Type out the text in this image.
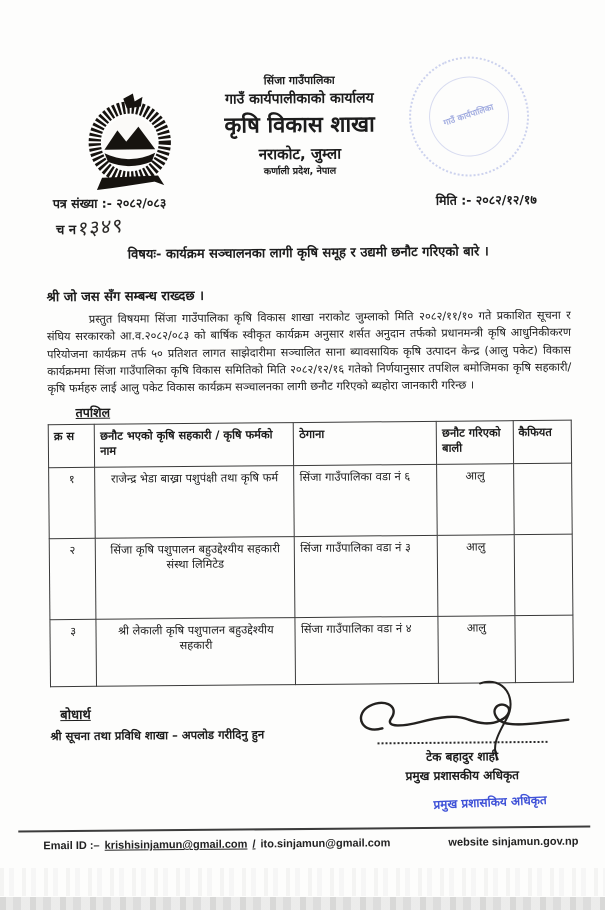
सिंजा गाउँपालिका
गाउँ कार्यपालीकाको कार्यालय
कृषि विकास शाखा
नराकोट, जुम्ला
कर्णाली प्रदेश, नेपाल
गाउँ कार्यपालिका
पत्र संख्या :- २०८२/०८३
च न१३४९
मिति :- २०८२/१२/१७
विषयः- कार्यक्रम सञ्चालनका लागी कृषि समूह र उद्यमी छनौट गरिएको बारे ।
श्री जो जस सँग सम्बन्ध राख्दछ ।

प्रस्तुत विषयमा सिंजा गाउँपालिका कृषि विकास शाखा नराकोट जुम्लाको मिति २०८२/११/१० गते प्रकाशित सूचना र संघिय सरकारको आ.व.२०८२/०८३ को बार्षिक स्वीकृत कार्यक्रम अनुसार शर्सत अनुदान तर्फको प्रधानमन्त्री कृषि आधुनिकीकरण परियोजना कार्यक्रम तर्फ ५० प्रतिशत लागत साझेदारीमा सञ्चालित साना ब्यावसायिक कृषि उत्पादन केन्द्र (आलु पकेट) विकास कार्यक्रममा सिंजा गाउँपालिका कृषि विकास समितिको मिति २०८२/१२/१६ गतेको निर्णयानुसार तपशिल बमोजिमका कृषि सहकारी/ कृषि फर्महरु लाई आलु पकेट विकास कार्यक्रम सञ्चालनका लागी छनौट गरिएको ब्यहोरा जानकारी गरिन्छ ।

तपशिल
क्र स	छनौट भएको कृषि सहकारी / कृषि फर्मको नाम	ठेगाना	छनौट गरिएको बाली	कैफियत
१	राजेन्द्र भेडा बाख्रा पशुपंक्षी तथा कृषि फर्म	सिंजा गाउँपालिका वडा नं ६	आलु	
२	सिंजा कृषि पशुपालन बहुउद्देश्यीय सहकारी संस्था लिमिटेड	सिंजा गाउँपालिका वडा नं ३	आलु	
३	श्री लेकाली कृषि पशुपालन बहुउद्देश्यीय सहकारी	सिंजा गाउँपालिका वडा नं ४	आलु	
बोधार्थ
श्री सूचना तथा प्रविधि शाखा – अपलोड गरीदिनु हुन
टेक बहादुर शाही
प्रमुख प्रशासकीय अधिकृत
प्रमुख प्रशासकिय अधिकृत
Email ID :– krishisinjamun@gmail.com / ito.sinjamun@gmail.com	website sinjamun.gov.np
